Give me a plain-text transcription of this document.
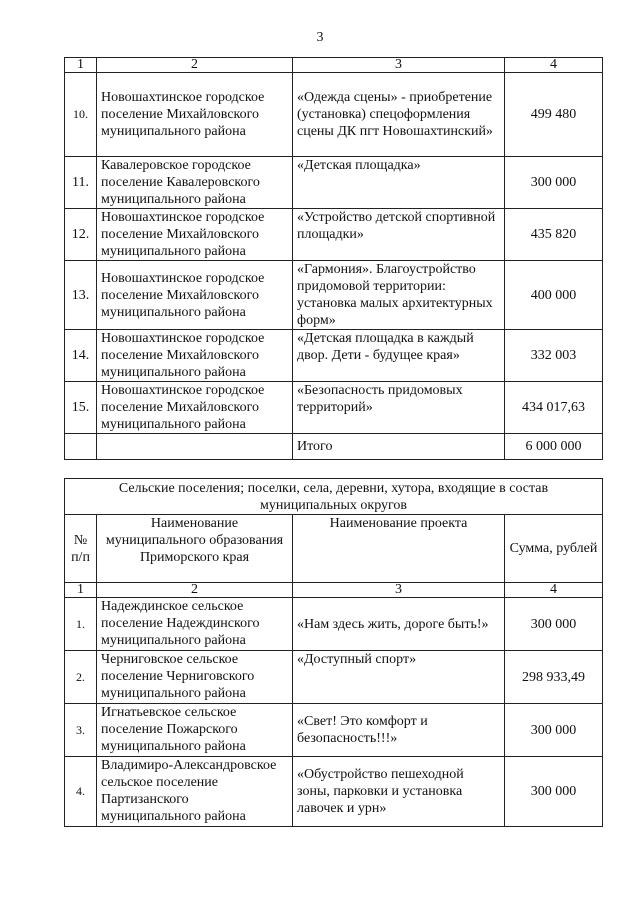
3
1	2	3	4
10.	Новошахтинское городское поселение Михайловского муниципального района	«Одежда сцены» - приобретение (установка) спецоформления сцены ДК пгт Новошахтинский»	499 480
11.	Кавалеровское городское поселение Кавалеровского муниципального района	«Детская площадка»	300 000
12.	Новошахтинское городское поселение Михайловского муниципального района	«Устройство детской спортивной площадки»	435 820
13.	Новошахтинское городское поселение Михайловского муниципального района	«Гармония». Благоустройство придомовой территории: установка малых архитектурных форм»	400 000
14.	Новошахтинское городское поселение Михайловского муниципального района	«Детская площадка в каждый двор. Дети - будущее края»	332 003
15.	Новошахтинское городское поселение Михайловского муниципального района	«Безопасность придомовых территорий»	434 017,63
		Итого	6 000 000
Сельские поселения; поселки, села, деревни, хутора, входящие в состав муниципальных округов			
№ п/п	Наименование муниципального образования Приморского края	Наименование проекта	Сумма, рублей
1	2	3	4
1.	Надеждинское сельское поселение Надеждинского муниципального района	«Нам здесь жить, дороге быть!»	300 000
2.	Черниговское сельское поселение Черниговского муниципального района	«Доступный спорт»	298 933,49
3.	Игнатьевское сельское поселение Пожарского муниципального района	«Свет! Это комфорт и безопасность!!!»	300 000
4.	Владимиро-Александровское сельское поселение Партизанского муниципального района	«Обустройство пешеходной зоны, парковки и установка лавочек и урн»	300 000
